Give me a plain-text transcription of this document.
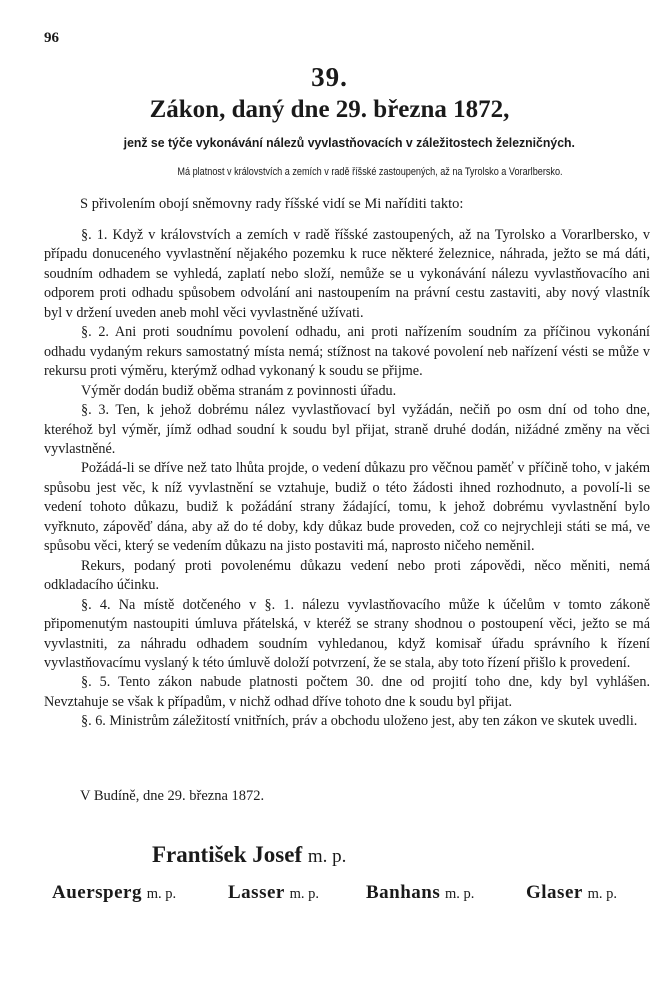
96
39.
Zákon, daný dne 29. března 1872,
jenž se týče vykonávání nálezů vyvlastňovacích v záležitostech železničných.
Má platnost v královstvích a zemích v radě říšské zastoupených, až na Tyrolsko a Vorarlbersko.
S přivolením obojí sněmovny rady říšské vidí se Mi naříditi takto:

§. 1. Když v královstvích a zemích v radě říšské zastoupených, až na Tyrolsko a Vorarlbersko, v případu donuceného vyvlastnění nějakého pozemku k ruce některé železnice, náhrada, ježto se má dáti, soudním odhadem se vyhledá, zaplatí nebo složí, nemůže se u vykonávání nálezu vyvlastňovacího ani odporem proti odhadu spůsobem odvolání ani nastoupením na právní cestu zastaviti, aby nový vlastník byl v držení uveden aneb mohl věci vyvlastněné užívati.

§. 2. Ani proti soudnímu povolení odhadu, ani proti nařízením soudním za příčinou vykonání odhadu vydaným rekurs samostatný místa nemá; stížnost na takové povolení neb nařízení vésti se může v rekursu proti výměru, kterýmž odhad vykonaný k soudu se přijme.

Výměr dodán budiž oběma stranám z povinnosti úřadu.

§. 3. Ten, k jehož dobrému nález vyvlastňovací byl vyžádán, nečiň po osm dní od toho dne, kteréhož byl výměr, jímž odhad soudní k soudu byl přijat, straně druhé dodán, nižádné změny na věci vyvlastněné.

Požádá-li se dříve než tato lhůta projde, o vedení důkazu pro věčnou paměť v příčině toho, v jakém spůsobu jest věc, k níž vyvlastnění se vztahuje, budiž o této žádosti ihned rozhodnuto, a povolí-li se vedení tohoto důkazu, budiž k požádání strany žádající, tomu, k jehož dobrému vyvlastnění bylo vyřknuto, zápověď dána, aby až do té doby, kdy důkaz bude proveden, což co nejrychleji státi se má, ve spůsobu věci, který se vedením důkazu na jisto postaviti má, naprosto ničeho neměnil.

Rekurs, podaný proti povolenému důkazu vedení nebo proti zápovědi, něco měniti, nemá odkladacího účinku.

§. 4. Na místě dotčeného v §. 1. nálezu vyvlastňovacího může k účelům v tomto zákoně připomenutým nastoupiti úmluva přátelská, v kteréž se strany shodnou o postoupení věci, ježto se má vyvlastniti, za náhradu odhadem soudním vyhledanou, když komisař úřadu správního k řízení vyvlastňovacímu vyslaný k této úmluvě doloží potvrzení, že se stala, aby toto řízení přišlo k provedení.

§. 5. Tento zákon nabude platnosti počtem 30. dne od projití toho dne, kdy byl vyhlášen. Nevztahuje se však k případům, v nichž odhad dříve tohoto dne k soudu byl přijat.

§. 6. Ministrům záležitostí vnitřních, práv a obchodu uloženo jest, aby ten zákon ve skutek uvedli.

V Budíně, dne 29. března 1872.
František Josef m. p.
Auersperg m. p.	Lasser m. p. Banhans m. p.	Glaser m. p.
